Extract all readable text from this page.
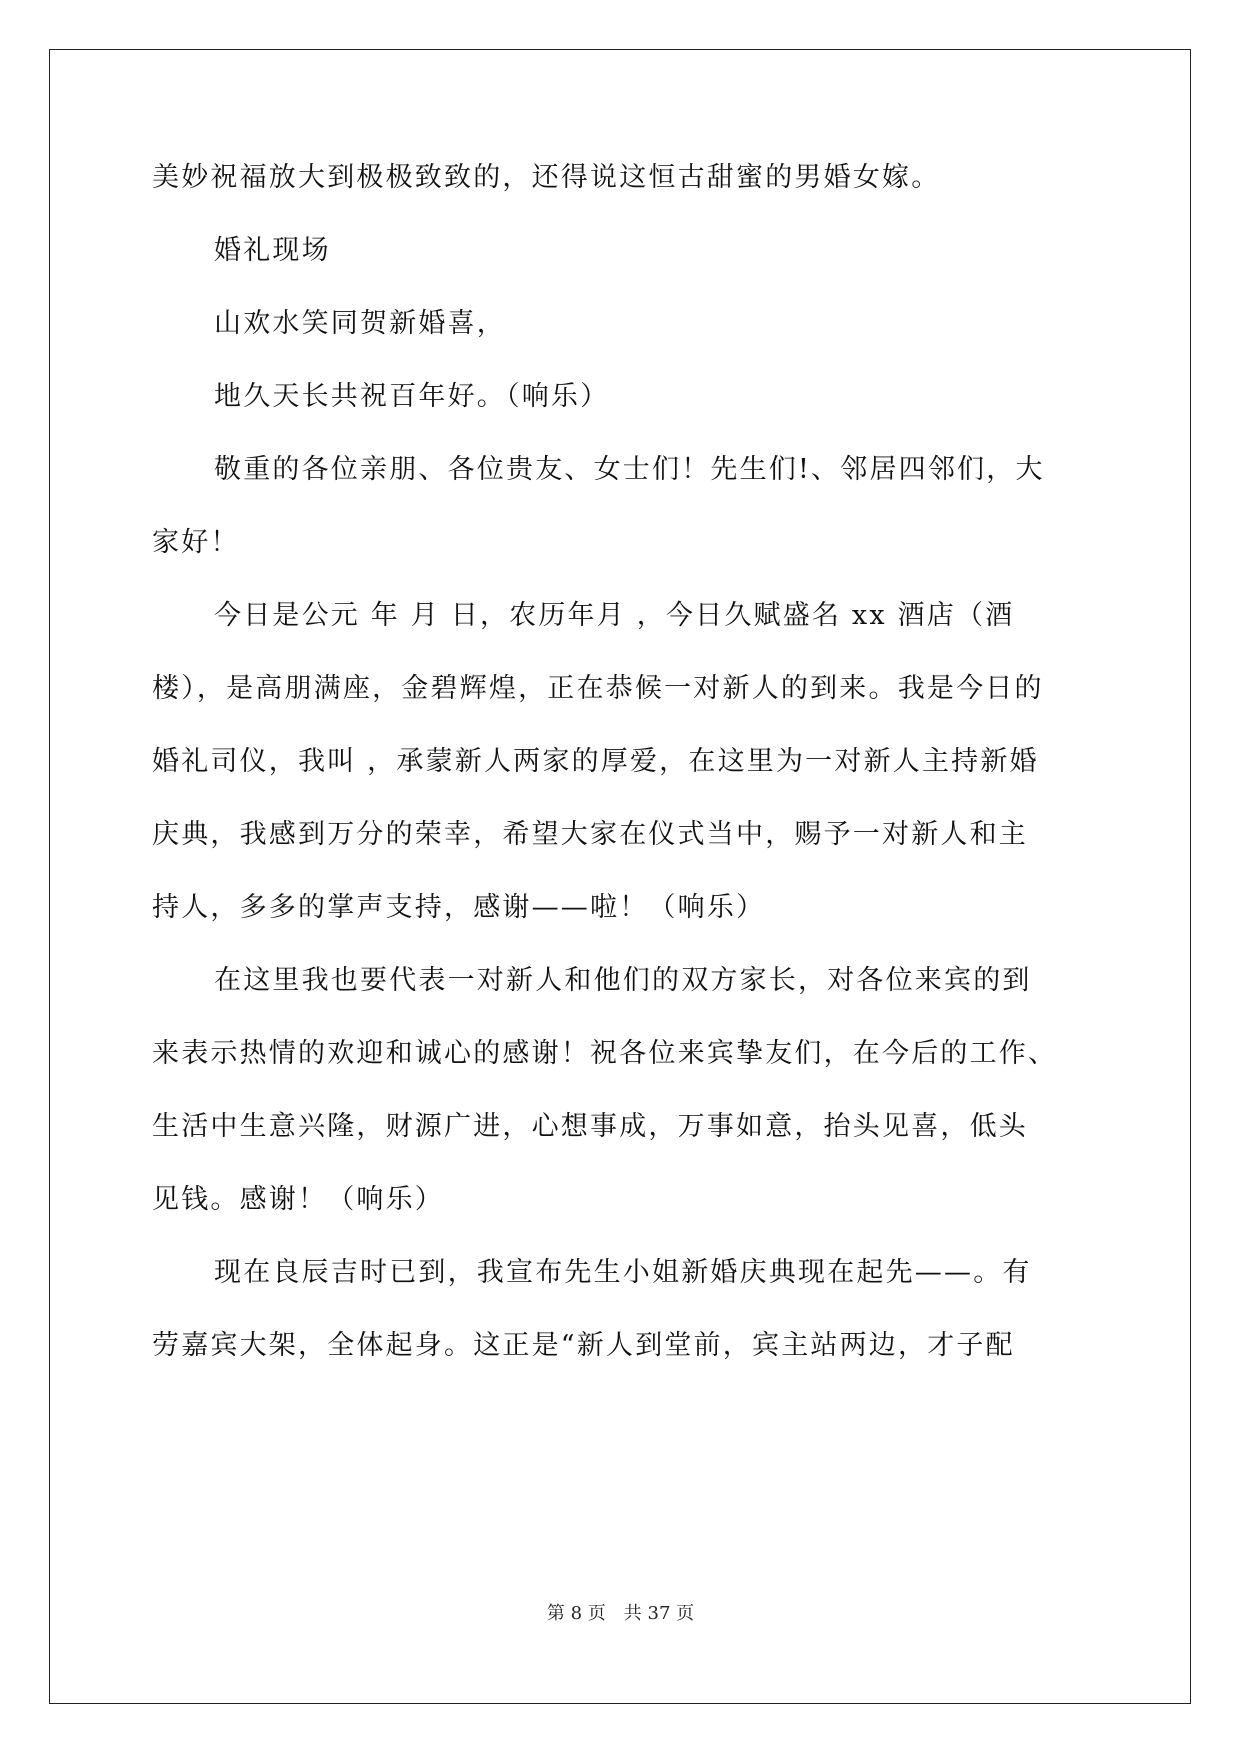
美妙祝福放大到极极致致的，还得说这恒古甜蜜的男婚女嫁。
婚礼现场
山欢水笑同贺新婚喜，
地久天长共祝百年好。（响乐）
敬重的各位亲朋、各位贵友、女士们！先生们!、邻居四邻们，大
家好！
今日是公元 年 月 日，农历年月 ，今日久赋盛名 xx 酒店（酒
楼），是高朋满座，金碧辉煌，正在恭候一对新人的到来。我是今日的
婚礼司仪，我叫 ，承蒙新人两家的厚爱，在这里为一对新人主持新婚
庆典，我感到万分的荣幸，希望大家在仪式当中，赐予一对新人和主
持人，多多的掌声支持，感谢——啦！（响乐）
在这里我也要代表一对新人和他们的双方家长，对各位来宾的到
来表示热情的欢迎和诚心的感谢！祝各位来宾挚友们，在今后的工作、
生活中生意兴隆，财源广进，心想事成，万事如意，抬头见喜，低头
见钱。感谢！（响乐）
现在良辰吉时已到，我宣布先生小姐新婚庆典现在起先——。有
劳嘉宾大架，全体起身。这正是“新人到堂前，宾主站两边，才子配
第 8 页　共 37 页
